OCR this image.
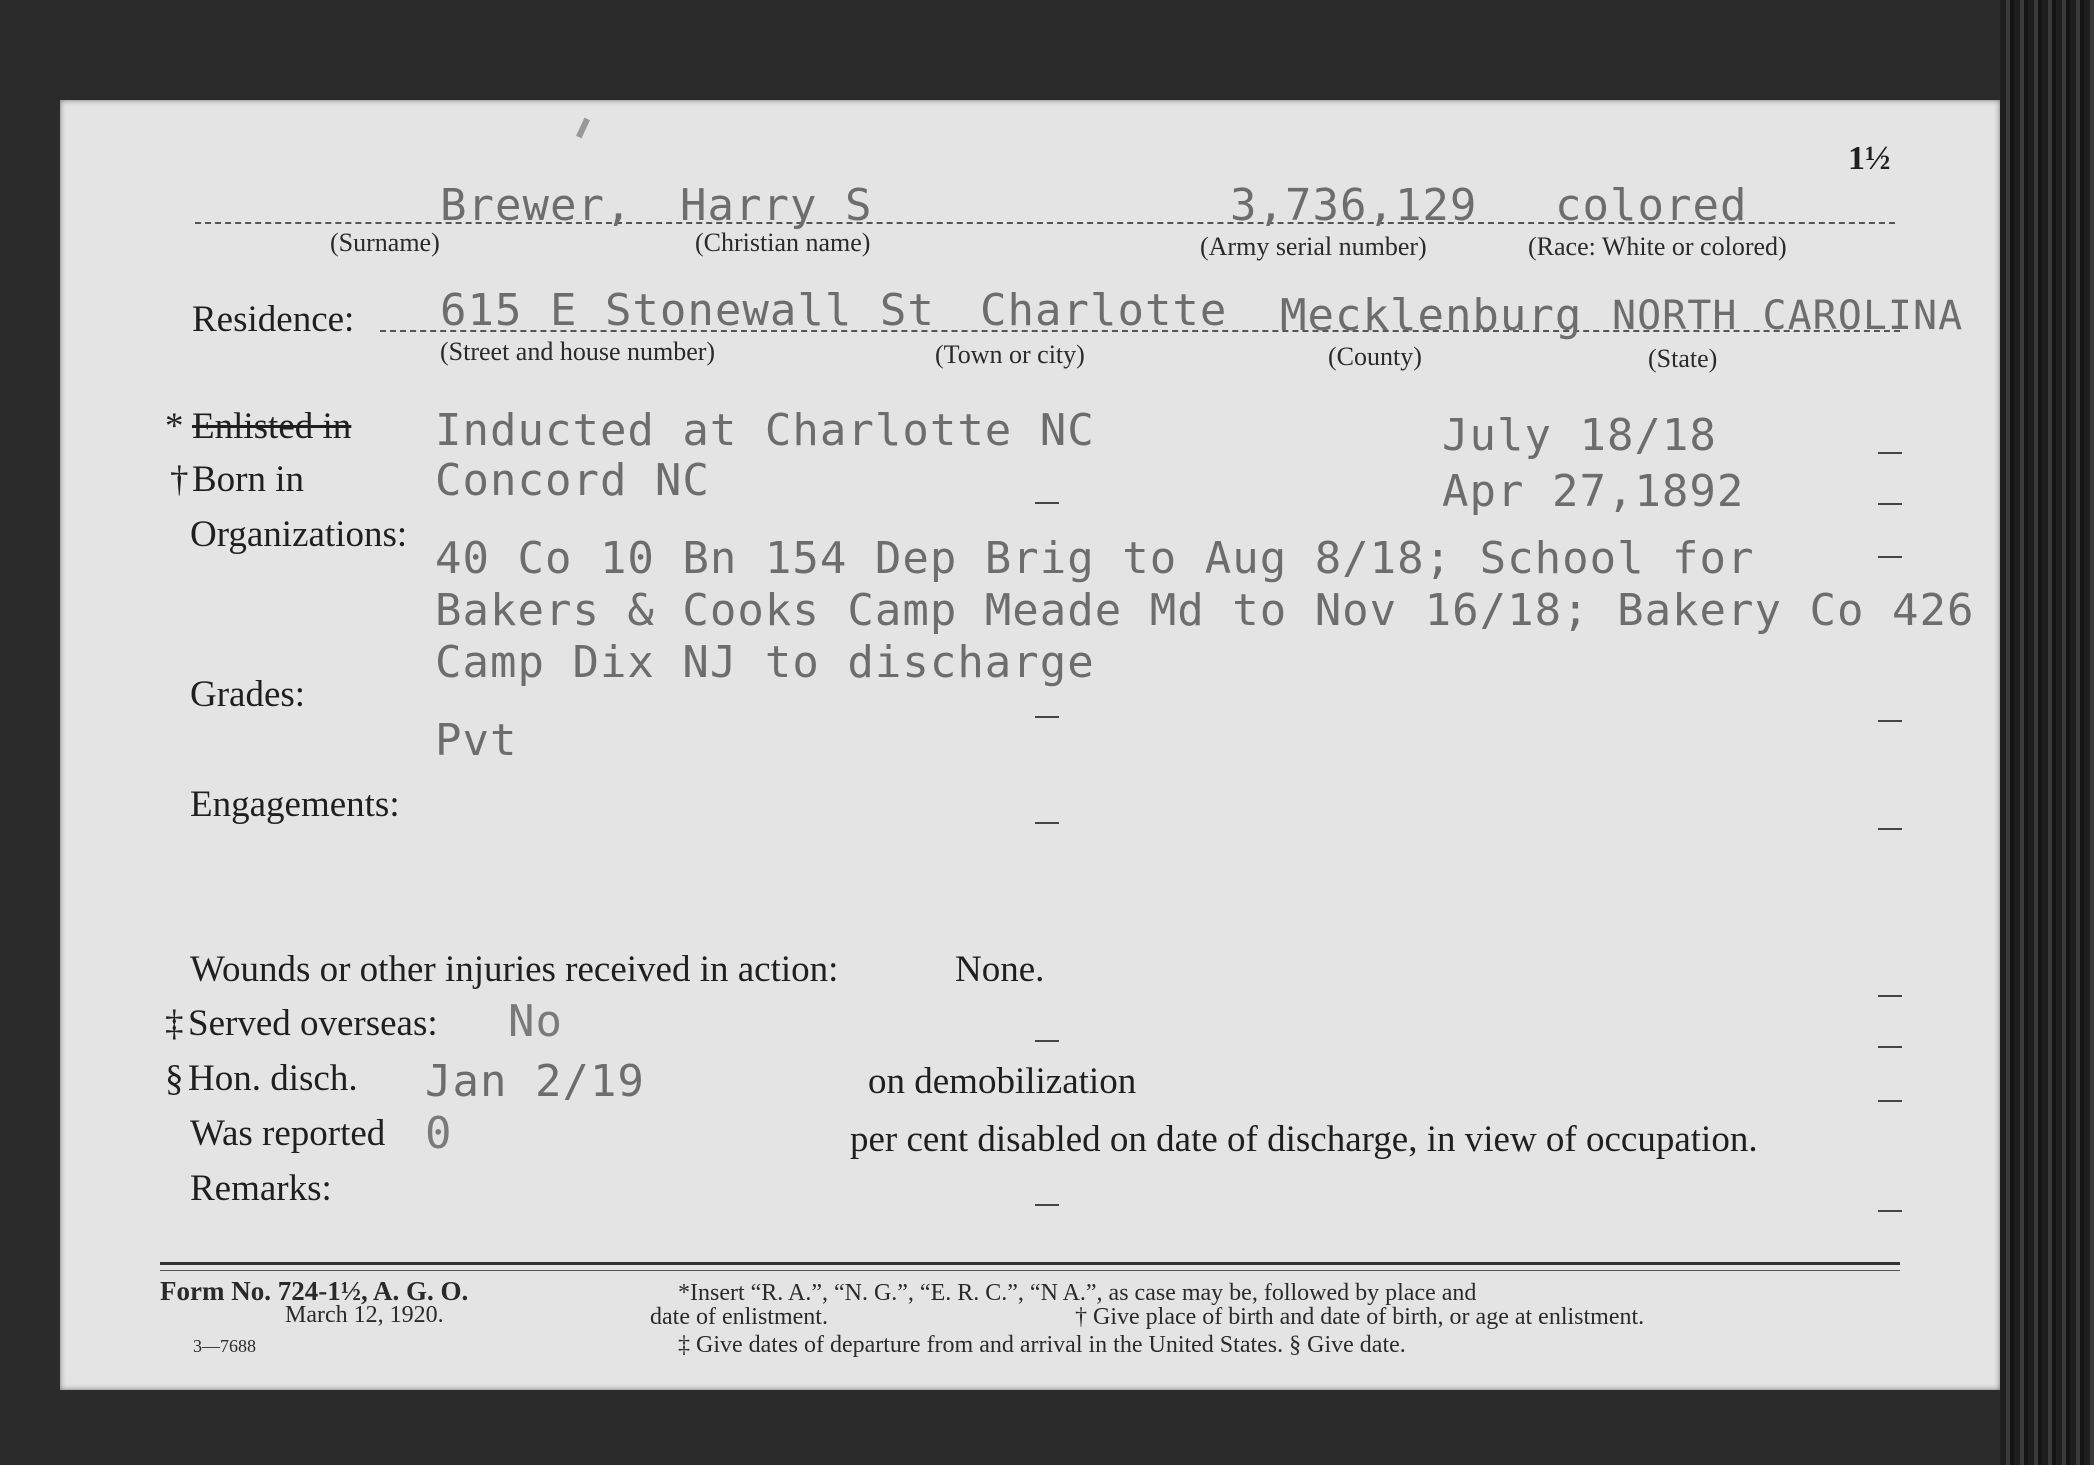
1½
Brewer, Harry S	3,736,129 colored
(Surname)	(Christian name)	(Army serial number)	(Race: White or colored)
Residence: 615 E Stonewall St Charlotte Mecklenburg NORTH CAROLINA
(Street and house number)	(Town or city)	(County)	(State)
* Enlisted in Inducted at Charlotte NC	July 18/18
† Born in	Concord NC	Apr 27,1892
Organizations: 40 Co 10 Bn 154 Dep Brig to Aug 8/18; School for
Bakers & Cooks Camp Meade Md to Nov 16/18; Bakery Co 426
Camp Dix NJ to discharge
Grades:
Pvt
Engagements:
Wounds or other injuries received in action:	None.
‡ Served overseas: No
§ Hon. disch. Jan 2/19	on demobilization
Was reported 0	per cent disabled on date of discharge, in view of occupation.
Remarks:
Form No. 724-1½, A. G. O.
March 12, 1920.
3—7688
*Insert “R. A.”, “N. G.”, “E. R. C.”, “N A.”, as case may be, followed by place and
date of enlistment.	† Give place of birth and date of birth, or age at enlistment.
‡ Give dates of departure from and arrival in the United States. § Give date.
